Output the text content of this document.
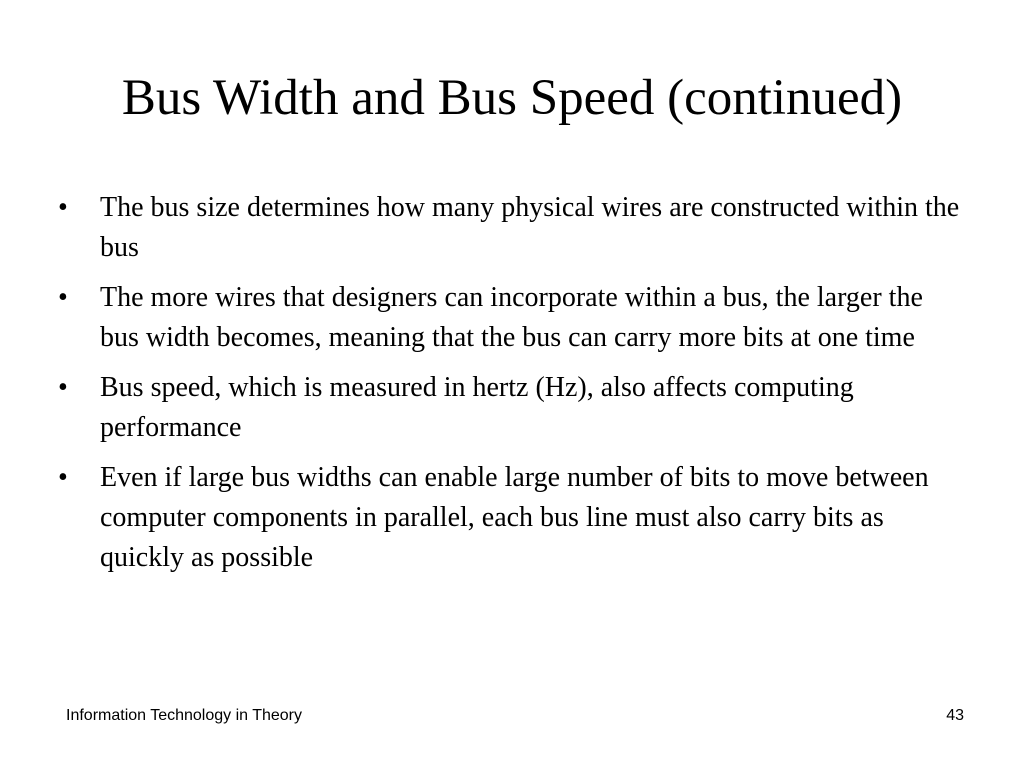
Bus Width and Bus Speed (continued)
•	The bus size determines how many physical wires are constructed within the bus
•	The more wires that designers can incorporate within a bus, the larger the bus width becomes, meaning that the bus can carry more bits at one time
•	Bus speed, which is measured in hertz (Hz), also affects computing performance
•	Even if large bus widths can enable large number of bits to move between computer components in parallel, each bus line must also carry bits as quickly as possible
Information Technology in Theory	43
